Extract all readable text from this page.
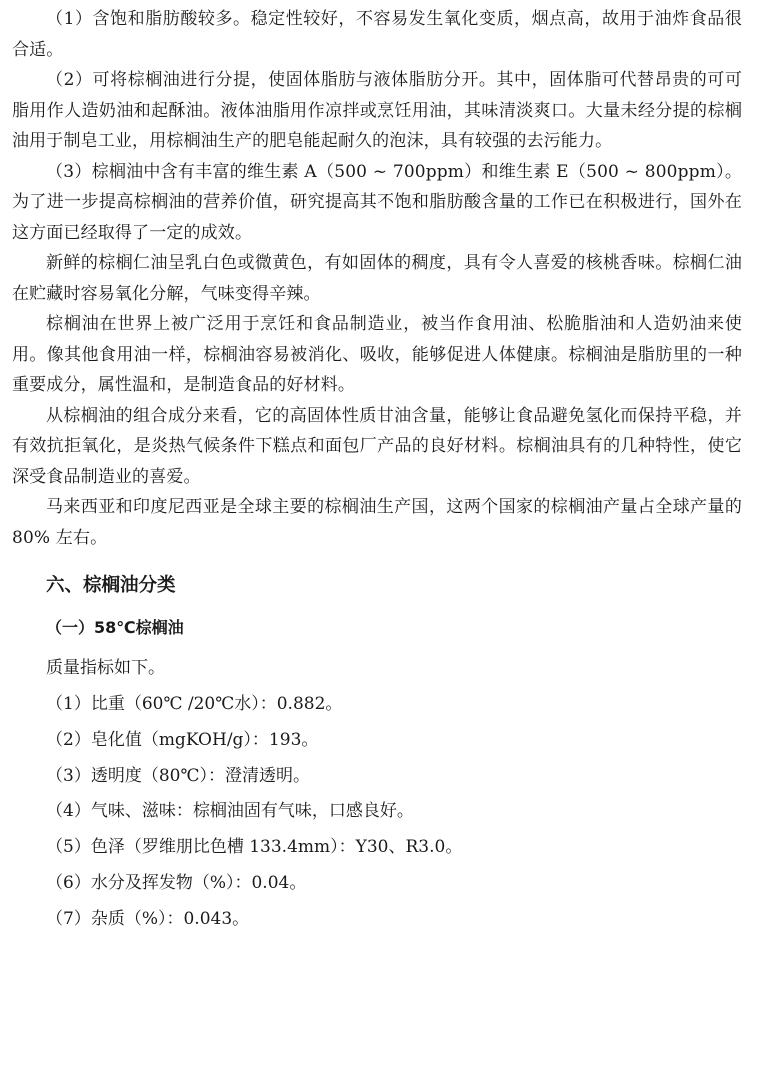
（1）含饱和脂肪酸较多。稳定性较好，不容易发生氧化变质，烟点高，故用于油炸食品很合适。

（2）可将棕榈油进行分提，使固体脂肪与液体脂肪分开。其中，固体脂可代替昂贵的可可脂用作人造奶油和起酥油。液体油脂用作凉拌或烹饪用油，其味清淡爽口。大量未经分提的棕榈油用于制皂工业，用棕榈油生产的肥皂能起耐久的泡沫，具有较强的去污能力。

（3）棕榈油中含有丰富的维生素 A（500 ~ 700ppm）和维生素 E（500 ~ 800ppm）。为了进一步提高棕榈油的营养价值，研究提高其不饱和脂肪酸含量的工作已在积极进行，国外在这方面已经取得了一定的成效。

新鲜的棕榈仁油呈乳白色或微黄色，有如固体的稠度，具有令人喜爱的核桃香味。棕榈仁油在贮藏时容易氧化分解，气味变得辛辣。

棕榈油在世界上被广泛用于烹饪和食品制造业，被当作食用油、松脆脂油和人造奶油来使用。像其他食用油一样，棕榈油容易被消化、吸收，能够促进人体健康。棕榈油是脂肪里的一种重要成分，属性温和，是制造食品的好材料。

从棕榈油的组合成分来看，它的高固体性质甘油含量，能够让食品避免氢化而保持平稳，并有效抗拒氧化，是炎热气候条件下糕点和面包厂产品的良好材料。棕榈油具有的几种特性，使它深受食品制造业的喜爱。

马来西亚和印度尼西亚是全球主要的棕榈油生产国，这两个国家的棕榈油产量占全球产量的 80% 左右。

六、棕榈油分类
（一）58℃棕榈油

质量指标如下。

（1）比重（60℃ /20℃水）：0.882。
（2）皂化值（mgKOH/g）：193。
（3）透明度（80℃）：澄清透明。
（4）气味、滋味：棕榈油固有气味，口感良好。
（5）色泽（罗维朋比色槽 133.4mm）：Y30、R3.0。
（6）水分及挥发物（%）：0.04。
（7）杂质（%）：0.043。
